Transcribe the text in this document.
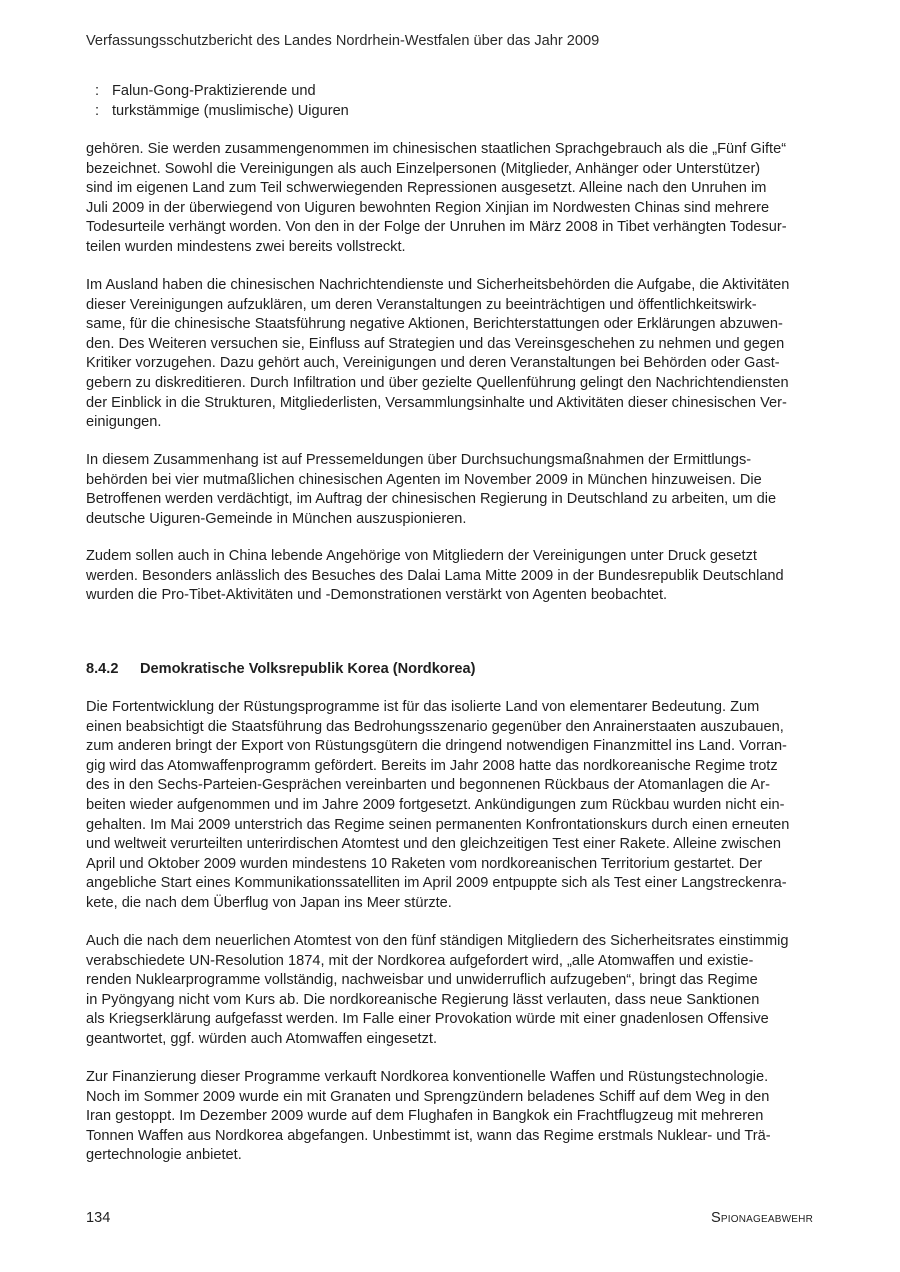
Verfassungsschutzbericht des Landes Nordrhein-Westfalen über das Jahr 2009
: Falun-Gong-Praktizierende und
: turkstämmige (muslimische) Uiguren

gehören. Sie werden zusammengenommen im chinesischen staatlichen Sprachgebrauch als die „Fünf Gifte“
bezeichnet. Sowohl die Vereinigungen als auch Einzelpersonen (Mitglieder, Anhänger oder Unterstützer)
sind im eigenen Land zum Teil schwerwiegenden Repressionen ausgesetzt. Alleine nach den Unruhen im
Juli 2009 in der überwiegend von Uiguren bewohnten Region Xinjian im Nordwesten Chinas sind mehrere
Todesurteile verhängt worden. Von den in der Folge der Unruhen im März 2008 in Tibet verhängten Todesur-
teilen wurden mindestens zwei bereits vollstreckt.

Im Ausland haben die chinesischen Nachrichtendienste und Sicherheitsbehörden die Aufgabe, die Aktivitäten
dieser Vereinigungen aufzuklären, um deren Veranstaltungen zu beeinträchtigen und öffentlichkeitswirk-
same, für die chinesische Staatsführung negative Aktionen, Berichterstattungen oder Erklärungen abzuwen-
den. Des Weiteren versuchen sie, Einfluss auf Strategien und das Vereinsgeschehen zu nehmen und gegen
Kritiker vorzugehen. Dazu gehört auch, Vereinigungen und deren Veranstaltungen bei Behörden oder Gast-
gebern zu diskreditieren. Durch Infiltration und über gezielte Quellenführung gelingt den Nachrichtendiensten
der Einblick in die Strukturen, Mitgliederlisten, Versammlungsinhalte und Aktivitäten dieser chinesischen Ver-
einigungen.

In diesem Zusammenhang ist auf Pressemeldungen über Durchsuchungsmaßnahmen der Ermittlungs-
behörden bei vier mutmaßlichen chinesischen Agenten im November 2009 in München hinzuweisen. Die
Betroffenen werden verdächtigt, im Auftrag der chinesischen Regierung in Deutschland zu arbeiten, um die
deutsche Uiguren-Gemeinde in München auszuspionieren.

Zudem sollen auch in China lebende Angehörige von Mitgliedern der Vereinigungen unter Druck gesetzt
werden. Besonders anlässlich des Besuches des Dalai Lama Mitte 2009 in der Bundesrepublik Deutschland
wurden die Pro-Tibet-Aktivitäten und -Demonstrationen verstärkt von Agenten beobachtet.

8.4.2	Demokratische Volksrepublik Korea (Nordkorea)

Die Fortentwicklung der Rüstungsprogramme ist für das isolierte Land von elementarer Bedeutung. Zum
einen beabsichtigt die Staatsführung das Bedrohungsszenario gegenüber den Anrainerstaaten auszubauen,
zum anderen bringt der Export von Rüstungsgütern die dringend notwendigen Finanzmittel ins Land. Vorran-
gig wird das Atomwaffenprogramm gefördert. Bereits im Jahr 2008 hatte das nordkoreanische Regime trotz
des in den Sechs-Parteien-Gesprächen vereinbarten und begonnenen Rückbaus der Atomanlagen die Ar-
beiten wieder aufgenommen und im Jahre 2009 fortgesetzt. Ankündigungen zum Rückbau wurden nicht ein-
gehalten. Im Mai 2009 unterstrich das Regime seinen permanenten Konfrontationskurs durch einen erneuten
und weltweit verurteilten unterirdischen Atomtest und den gleichzeitigen Test einer Rakete. Alleine zwischen
April und Oktober 2009 wurden mindestens 10 Raketen vom nordkoreanischen Territorium gestartet. Der
angebliche Start eines Kommunikationssatelliten im April 2009 entpuppte sich als Test einer Langstreckenra-
kete, die nach dem Überflug von Japan ins Meer stürzte.

Auch die nach dem neuerlichen Atomtest von den fünf ständigen Mitgliedern des Sicherheitsrates einstimmig
verabschiedete UN-Resolution 1874, mit der Nordkorea aufgefordert wird, „alle Atomwaffen und existie-
renden Nuklearprogramme vollständig, nachweisbar und unwiderruflich aufzugeben“, bringt das Regime
in Pyöngyang nicht vom Kurs ab. Die nordkoreanische Regierung lässt verlauten, dass neue Sanktionen
als Kriegserklärung aufgefasst werden. Im Falle einer Provokation würde mit einer gnadenlosen Offensive
geantwortet, ggf. würden auch Atomwaffen eingesetzt.

Zur Finanzierung dieser Programme verkauft Nordkorea konventionelle Waffen und Rüstungstechnologie.
Noch im Sommer 2009 wurde ein mit Granaten und Sprengzündern beladenes Schiff auf dem Weg in den
Iran gestoppt. Im Dezember 2009 wurde auf dem Flughafen in Bangkok ein Frachtflugzeug mit mehreren
Tonnen Waffen aus Nordkorea abgefangen. Unbestimmt ist, wann das Regime erstmals Nuklear- und Trä-
gertechnologie anbietet.

134	Spionageabwehr
